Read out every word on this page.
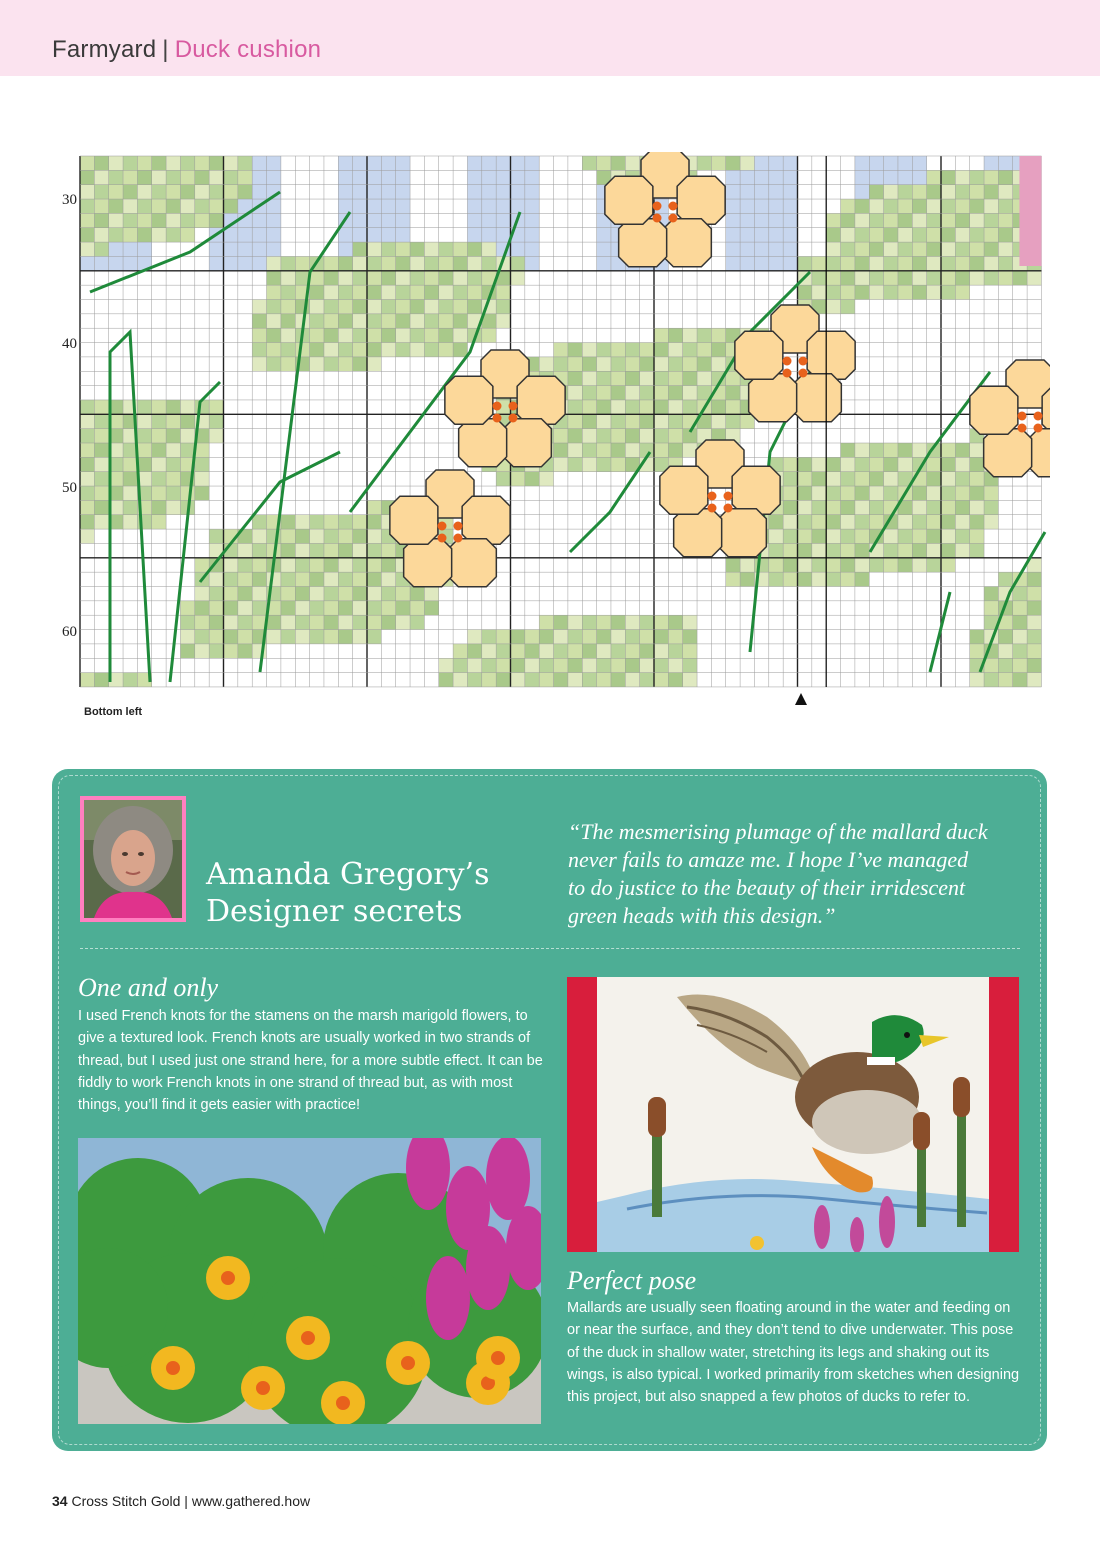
Farmyard | Duck cushion
30
40
50
60
Bottom left
Amanda Gregory’s
Designer secrets
“The mesmerising plumage of the mallard duck never fails to amaze me. I hope I’ve managed to do justice to the beauty of their irridescent green heads with this design.”
One and only
I used French knots for the stamens on the marsh marigold flowers, to give a textured look. French knots are usually worked in two strands of thread, but I used just one strand here, for a more subtle effect. It can be fiddly to work French knots in one strand of thread but, as with most things, you’ll find it gets easier with practice!
Perfect pose
Mallards are usually seen floating around in the water and feeding on or near the surface, and they don’t tend to dive underwater. This pose of the duck in shallow water, stretching its legs and shaking out its wings, is also typical. I worked primarily from sketches when designing this project, but also snapped a few photos of ducks to refer to.
34 Cross Stitch Gold | www.gathered.how
